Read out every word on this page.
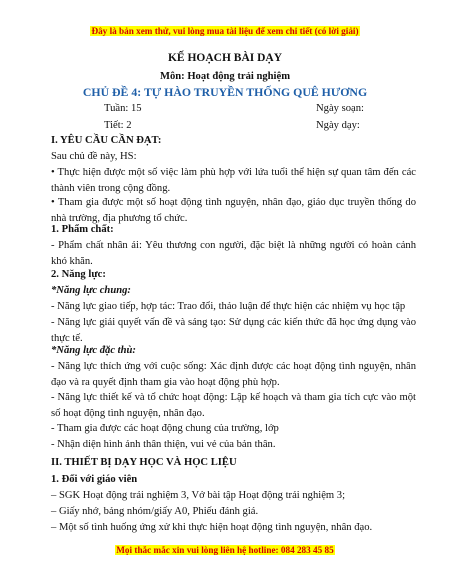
Đây là bản xem thử, vui lòng mua tài liệu để xem chi tiết (có lời giải)
KẾ HOẠCH BÀI DẠY
Môn: Hoạt động trải nghiệm
CHỦ ĐỀ 4: TỰ HÀO TRUYỀN THỐNG QUÊ HƯƠNG
Tuần: 15	Ngày soạn:
Tiết: 2	Ngày dạy:
I. YÊU CẦU CẦN ĐẠT:
Sau chủ đề này, HS:
• Thực hiện được một số việc làm phù hợp với lứa tuổi thể hiện sự quan tâm đến các thành viên trong cộng đồng.
• Tham gia được một số hoạt động tình nguyện, nhân đạo, giáo dục truyền thống do nhà trường, địa phương tổ chức.
1. Phẩm chất:
- Phẩm chất nhân ái: Yêu thương con người, đặc biệt là những người có hoàn cảnh khó khăn.
2. Năng lực:
*Năng lực chung:
- Năng lực giao tiếp, hợp tác: Trao đổi, thảo luận để thực hiện các nhiệm vụ học tập
- Năng lực giải quyết vấn đề và sáng tạo: Sử dụng các kiến thức đã học ứng dụng vào thực tế.
*Năng lực đặc thù:
- Năng lực thích ứng với cuộc sống: Xác định được các hoạt động tình nguyện, nhân đạo và ra quyết định tham gia vào hoạt động phù hợp.
- Năng lực thiết kế và tổ chức hoạt động: Lập kế hoạch và tham gia tích cực vào một số hoạt động tình nguyện, nhân đạo.
- Tham gia được các hoạt động chung của trường, lớp
- Nhận diện hình ảnh thân thiện, vui vẻ của bản thân.
II. THIẾT BỊ DẠY HỌC VÀ HỌC LIỆU
1. Đối với giáo viên
– SGK Hoạt động trải nghiệm 3, Vở bài tập Hoạt động trải nghiệm 3;
– Giấy nhớ, bảng nhóm/giấy A0, Phiếu đánh giá.
– Một số tình huống ứng xử khi thực hiện hoạt động tình nguyện, nhân đạo.
Mọi thắc mắc xin vui lòng liên hệ hotline: 084 283 45 85
